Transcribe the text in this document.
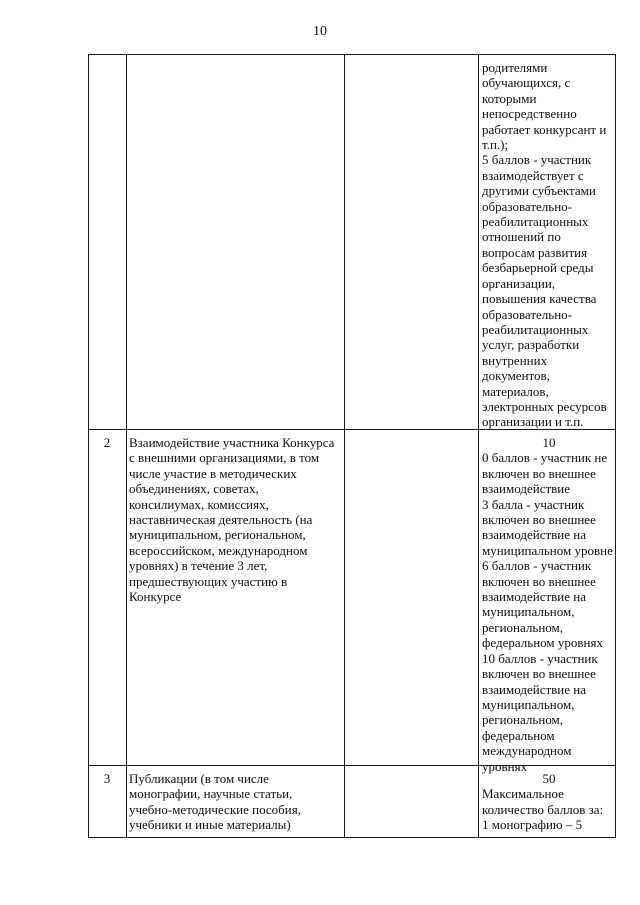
10
родителями
обучающихся, с
которыми
непосредственно
работает конкурсант и
т.п.);
5 баллов - участник
взаимодействует с
другими субъектами
образовательно-
реабилитационных
отношений по
вопросам развития
безбарьерной среды
организации,
повышения качества
образовательно-
реабилитационных
услуг, разработки
внутренних
документов,
материалов,
электронных ресурсов
организации и т.п.
2	Взаимодействие участника Конкурса
с внешними организациями, в том
числе участие в методических
объединениях, советах,
консилиумах, комиссиях,
наставническая деятельность (на
муниципальном, региональном,
всероссийском, международном
уровнях) в течение 3 лет,
предшествующих участию в
Конкурсе
10
0 баллов - участник не
включен во внешнее
взаимодействие
3 балла - участник
включен во внешнее
взаимодействие на
муниципальном уровне
6 баллов - участник
включен во внешнее
взаимодействие на
муниципальном,
региональном,
федеральном уровнях
10 баллов - участник
включен во внешнее
взаимодействие на
муниципальном,
региональном,
федеральном
международном
уровнях
3	Публикации (в том числе
монографии, научные статьи,
учебно-методические пособия,
учебники и иные материалы)
50
Максимальное
количество баллов за:
1 монографию – 5
